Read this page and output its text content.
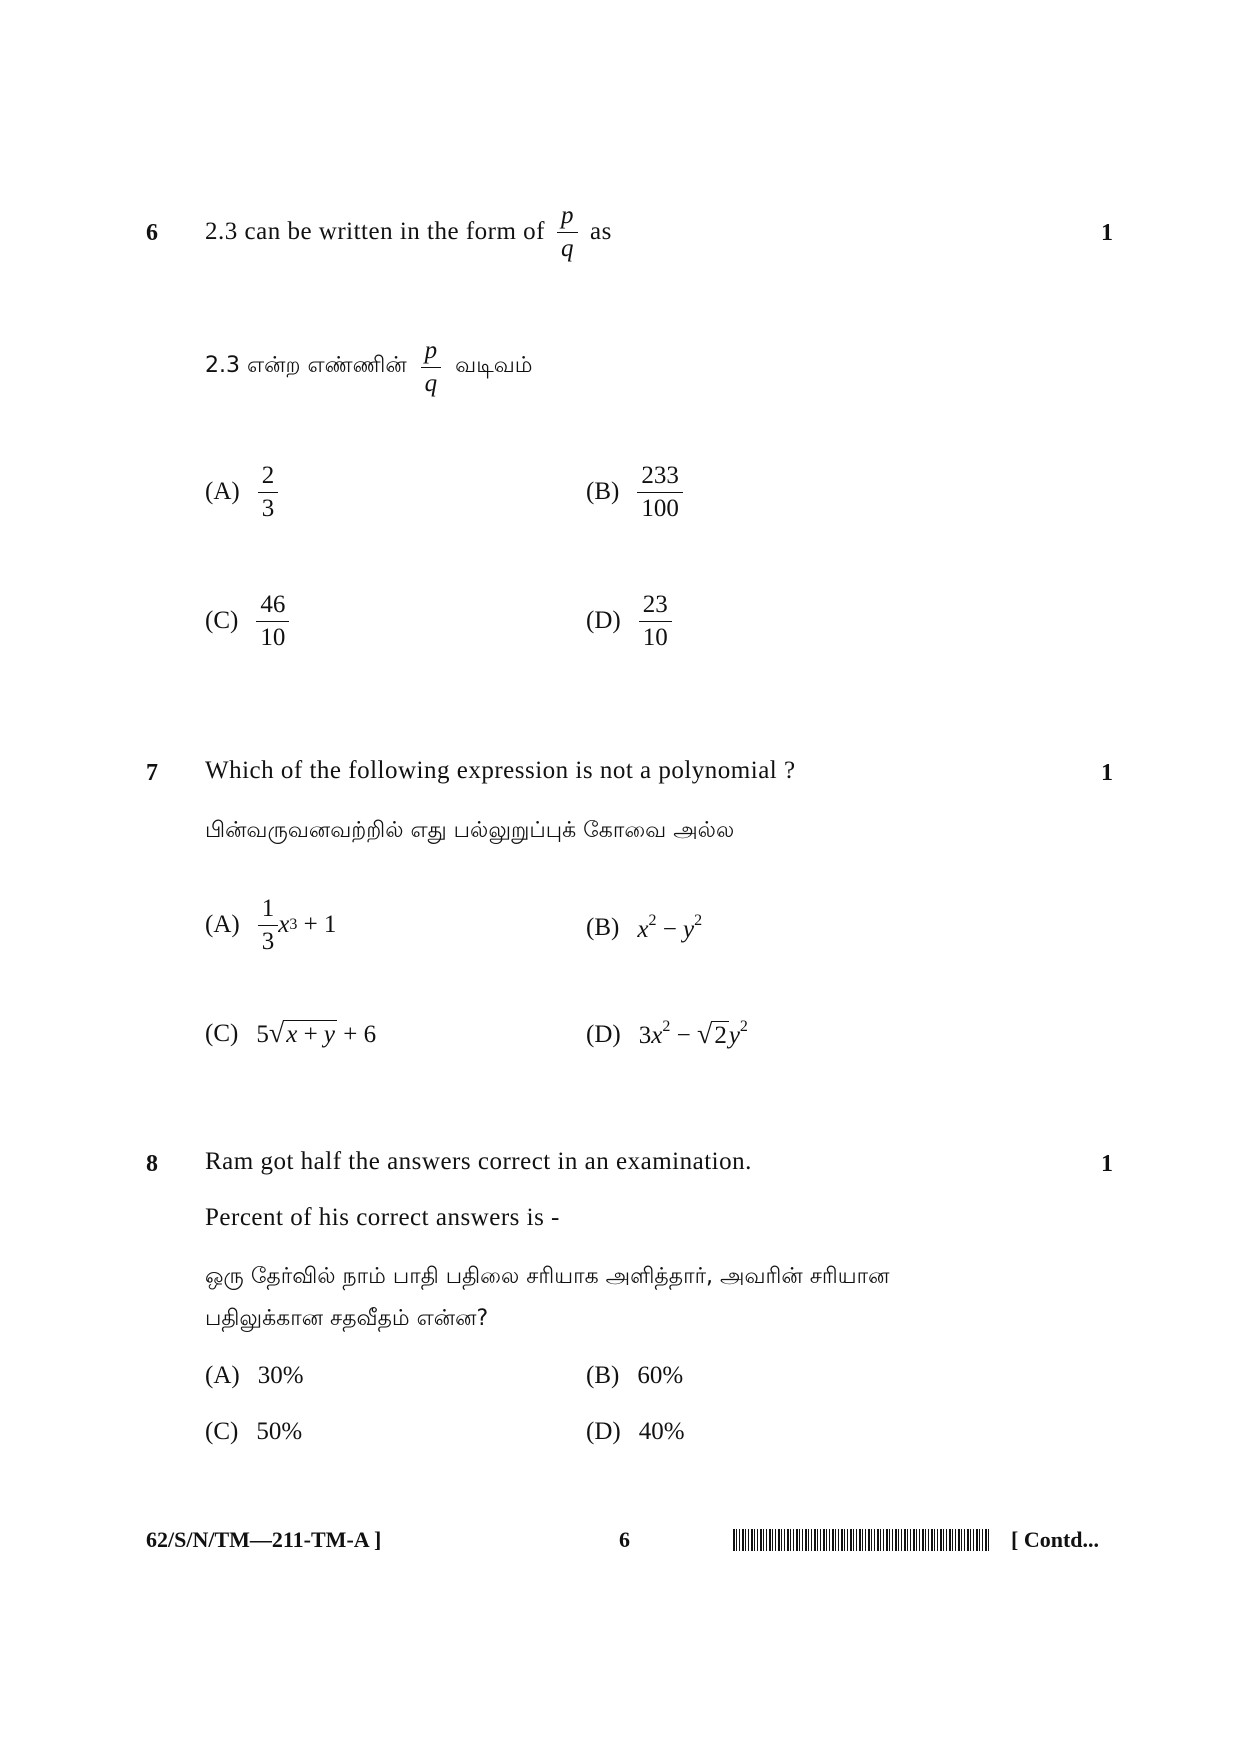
6 2.3 can be written in the form of $\frac{p}{q}$ as	1
2.3 என்ற எண்ணின் $\frac{p}{q}$ வடிவம்
$(A) \frac{2}{3}$	$(B) \frac{233}{100}$
$(C) \frac{46}{10}$	$(D) \frac{23}{10}$
7 Which of the following expression is not a polynomial ?	1
பின்வருவனவற்றில் எது பல்லுறுப்புக் கோவை அல்ல
$(A) \frac{1}{3}$ x 3 + 1	(B) $x^2 - y^2$
(C) 5√x + y + 6	(D) $3x^2 - √2y^2$
8 Ram got half the answers correct in an examination.	1
Percent of his correct answers is -
ஒரு தேர்வில் நாம் பாதி பதிலை சரியாக அளித்தார், அவரின் சரியான
பதிலுக்கான சதவீதம் என்ன?
(A) 30%	(B) 60%
(C) 50%	(D) 40%
62/S/N/TM—211-TM-A ]	6	[ Contd...
